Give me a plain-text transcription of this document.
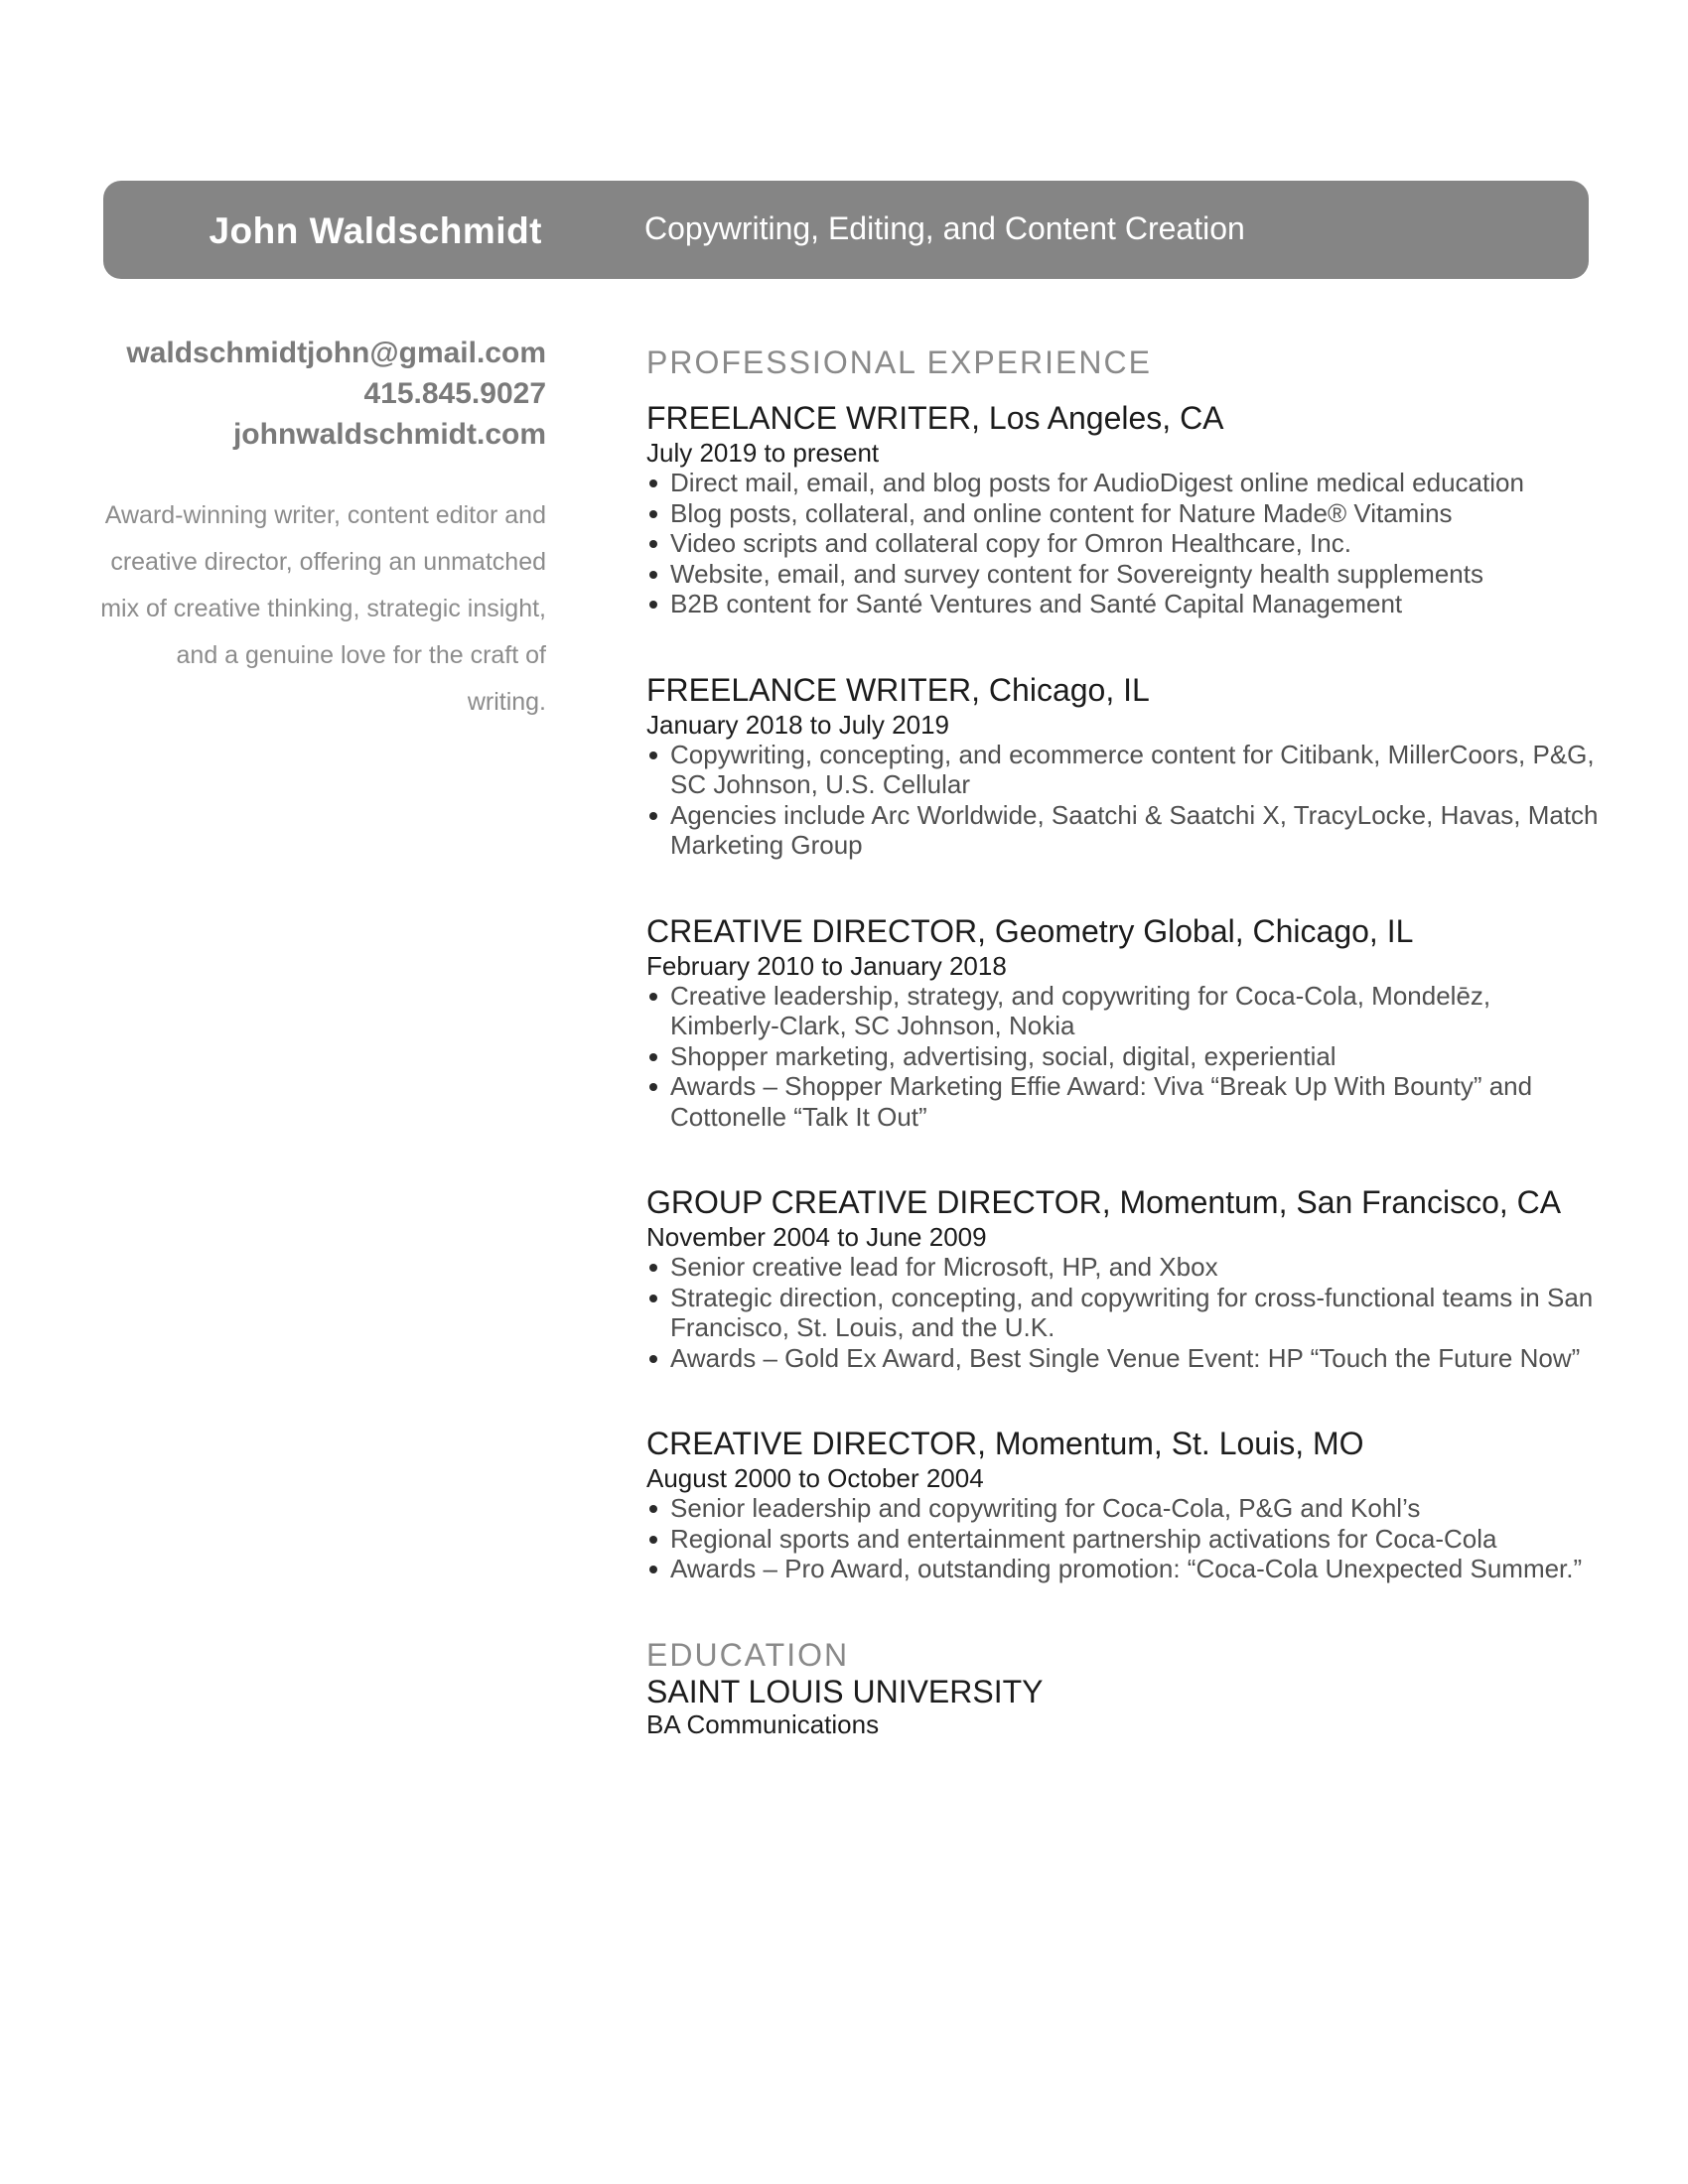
John Waldschmidt	Copywriting, Editing, and Content Creation
waldschmidtjohn@gmail.com
415.845.9027
johnwaldschmidt.com
Award-winning writer, content editor and creative director, offering an unmatched mix of creative thinking, strategic insight, and a genuine love for the craft of writing.
PROFESSIONAL EXPERIENCE
FREELANCE WRITER, Los Angeles, CA
July 2019 to present
Direct mail, email, and blog posts for AudioDigest online medical education
Blog posts, collateral, and online content for Nature Made® Vitamins
Video scripts and collateral copy for Omron Healthcare, Inc.
Website, email, and survey content for Sovereignty health supplements
B2B content for Santé Ventures and Santé Capital Management
FREELANCE WRITER, Chicago, IL
January 2018 to July 2019
Copywriting, concepting, and ecommerce content for Citibank, MillerCoors, P&G, SC Johnson, U.S. Cellular
Agencies include Arc Worldwide, Saatchi & Saatchi X, TracyLocke, Havas, Match Marketing Group
CREATIVE DIRECTOR, Geometry Global, Chicago, IL
February 2010 to January 2018
Creative leadership, strategy, and copywriting for Coca-Cola, Mondelēz, Kimberly-Clark, SC Johnson, Nokia
Shopper marketing, advertising, social, digital, experiential
Awards – Shopper Marketing Effie Award: Viva “Break Up With Bounty” and Cottonelle “Talk It Out”
GROUP CREATIVE DIRECTOR, Momentum, San Francisco, CA
November 2004 to June 2009
Senior creative lead for Microsoft, HP, and Xbox
Strategic direction, concepting, and copywriting for cross-functional teams in San Francisco, St. Louis, and the U.K.
Awards – Gold Ex Award, Best Single Venue Event: HP “Touch the Future Now”
CREATIVE DIRECTOR, Momentum, St. Louis, MO
August 2000 to October 2004
Senior leadership and copywriting for Coca-Cola, P&G and Kohl’s
Regional sports and entertainment partnership activations for Coca-Cola
Awards – Pro Award, outstanding promotion: “Coca-Cola Unexpected Summer.”
EDUCATION
SAINT LOUIS UNIVERSITY
BA Communications
